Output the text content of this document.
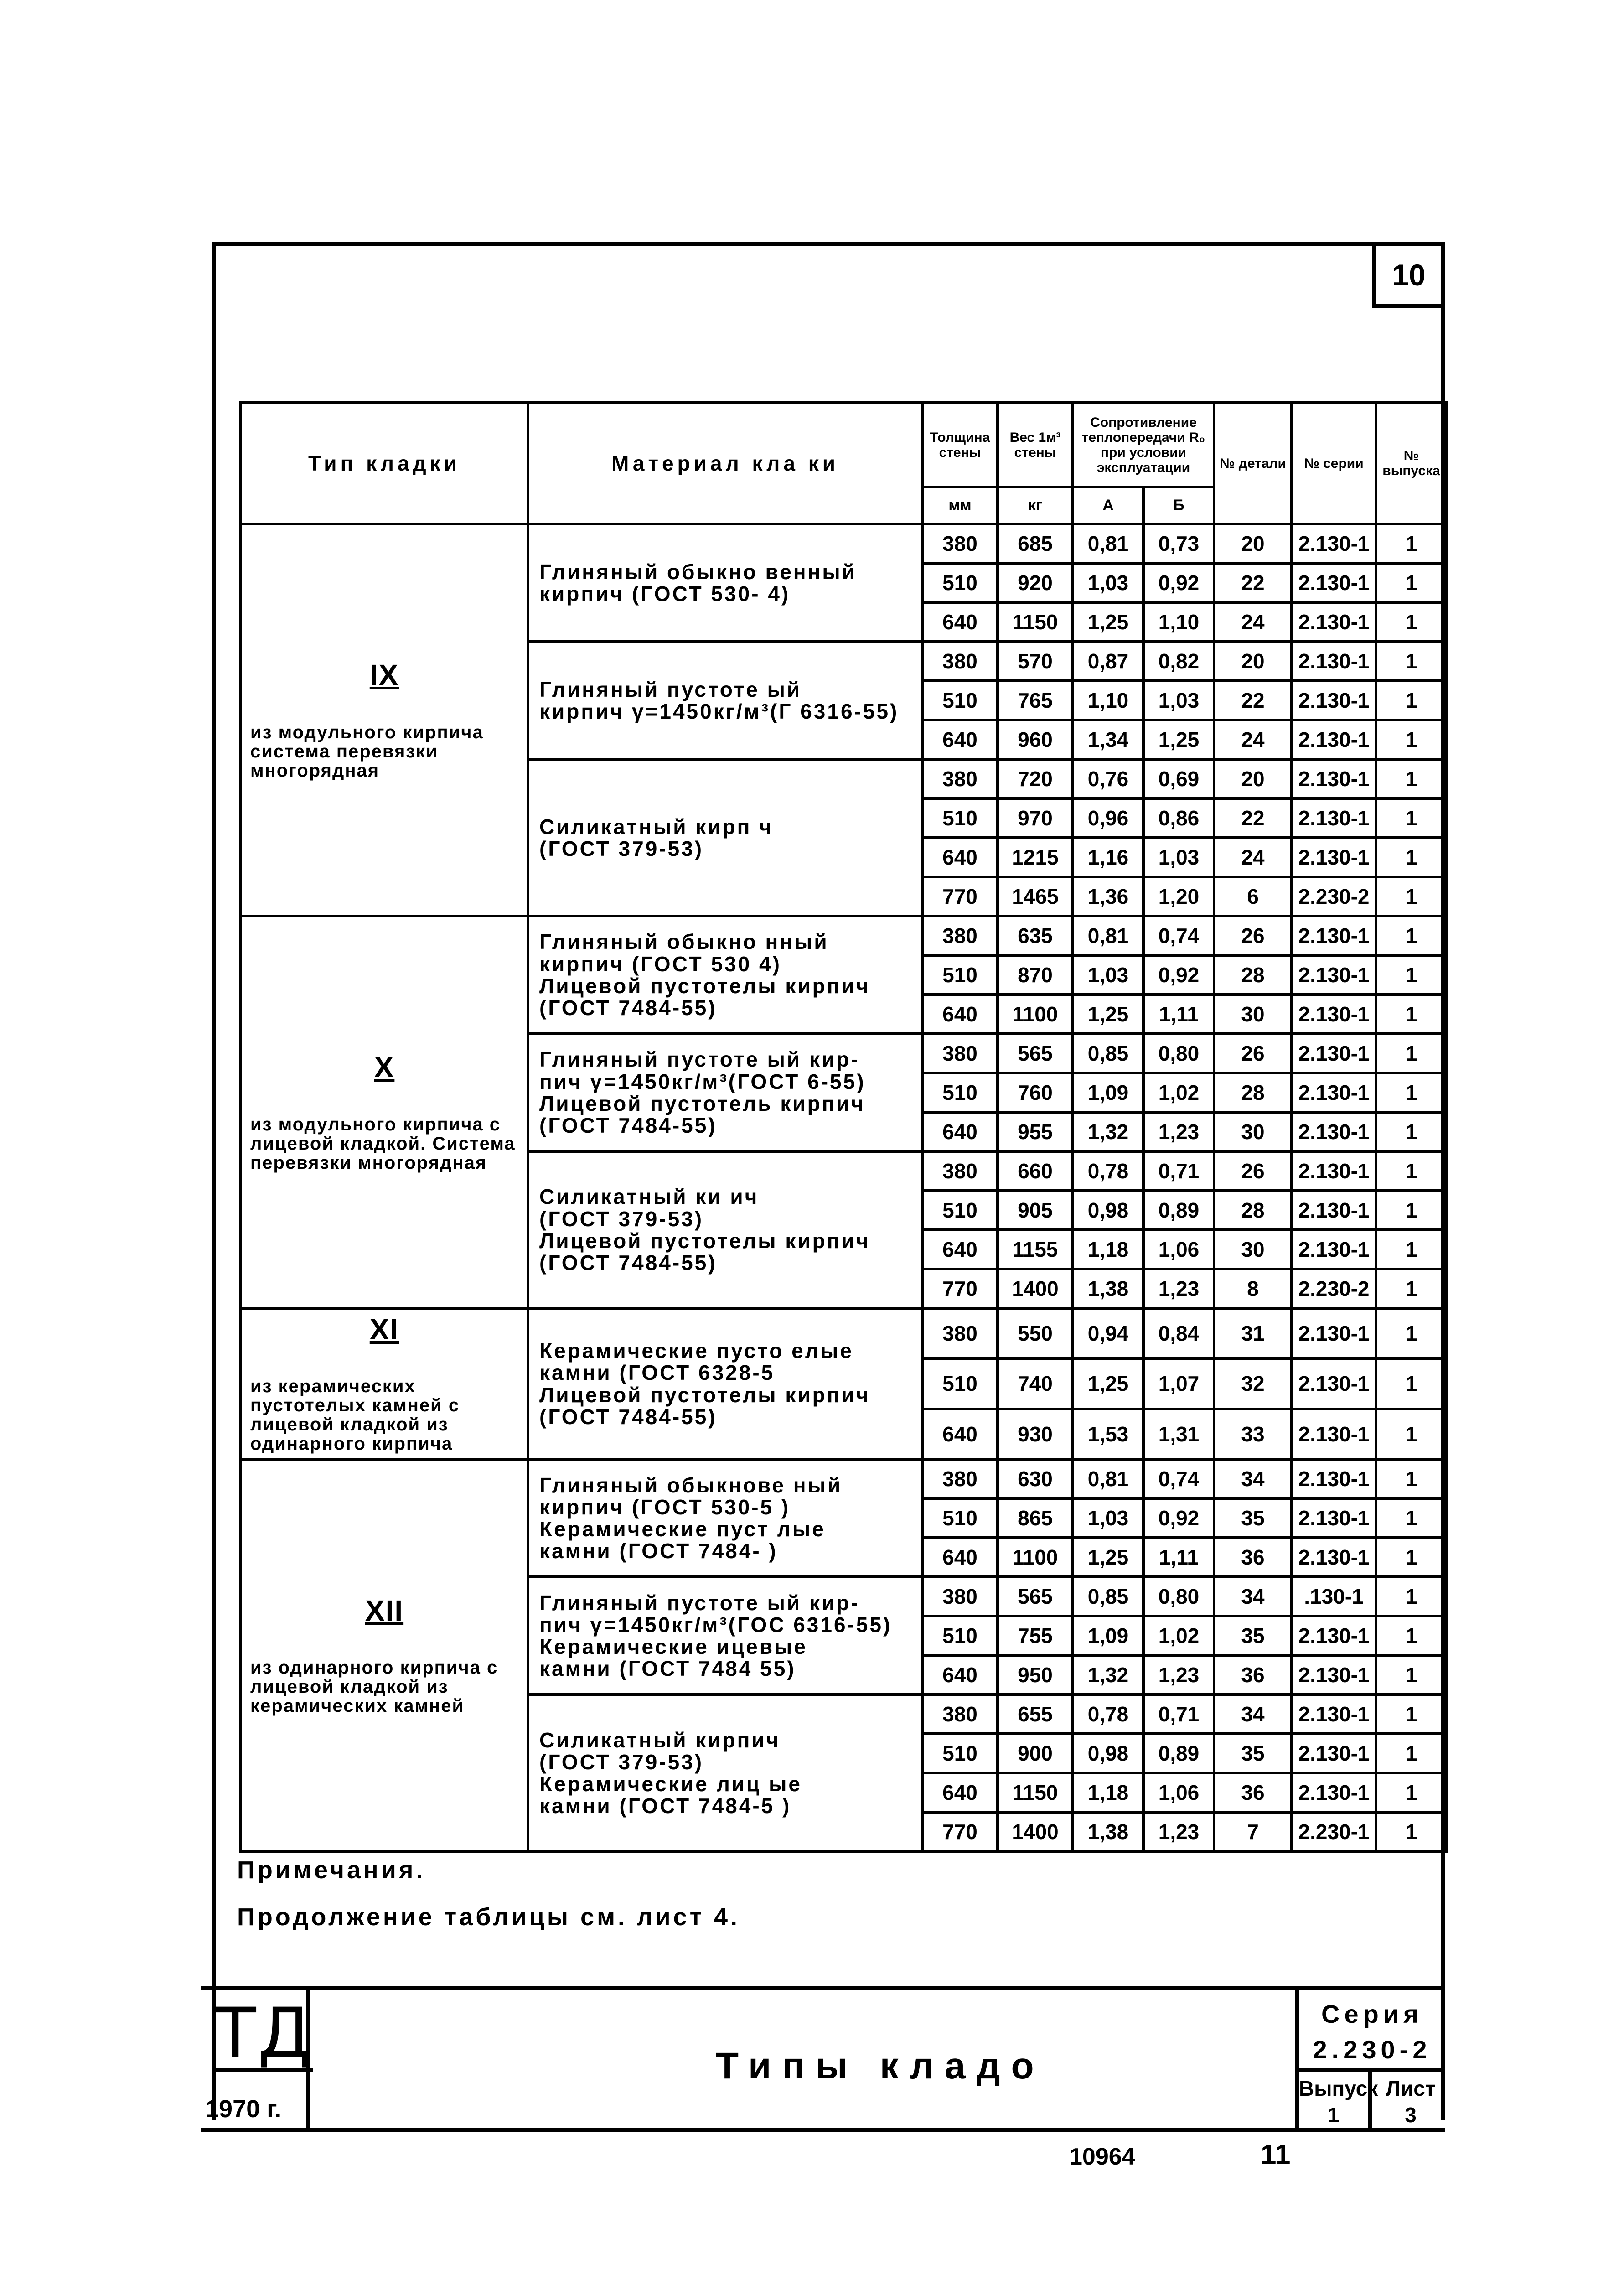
10
Тип кладки	Материал кла ки	Толщина стены	Вес 1м³ стены	Сопротивление теплопередачи R₀ при условии эксплуатации		№ детали	№ серии	№ выпуска
		мм	кг	А	Б			

IX
из модульного кирпича система перевязки многорядная	Глиняный обыкно венный
кирпич (ГОСТ 530- 4)	380	685	0,81	0,73	20	2.130-1	1
		510	920	1,03	0,92	22	2.130-1	1
		640	1150	1,25	1,10	24	2.130-1	1

	Глиняный пустоте ый
кирпич γ=1450кг/м³(Г 6316-55)	380	570	0,87	0,82	20	2.130-1	1
		510	765	1,10	1,03	22	2.130-1	1
		640	960	1,34	1,25	24	2.130-1	1

	Силикатный кирп ч
(ГОСТ 379-53)	380	720	0,76	0,69	20	2.130-1	1
		510	970	0,96	0,86	22	2.130-1	1
		640	1215	1,16	1,03	24	2.130-1	1
		770	1465	1,36	1,20	6	2.230-2	1

X
из модульного кирпича с лицевой кладкой. Система перевязки многорядная	Глиняный обыкно нный
кирпич (ГОСТ 530 4)
Лицевой пустотелы кирпич
(ГОСТ 7484-55)	380	635	0,81	0,74	26	2.130-1	1
		510	870	1,03	0,92	28	2.130-1	1
		640	1100	1,25	1,11	30	2.130-1	1

	Глиняный пустоте ый кир-
пич γ=1450кг/м³(ГОСТ 6-55)
Лицевой пустотель кирпич
(ГОСТ 7484-55)	380	565	0,85	0,80	26	2.130-1	1
		510	760	1,09	1,02	28	2.130-1	1
		640	955	1,32	1,23	30	2.130-1	1

	Силикатный ки ич
(ГОСТ 379-53)
Лицевой пустотелы кирпич
(ГОСТ 7484-55)	380	660	0,78	0,71	26	2.130-1	1
		510	905	0,98	0,89	28	2.130-1	1
		640	1155	1,18	1,06	30	2.130-1	1
		770	1400	1,38	1,23	8	2.230-2	1

XI
из керамических пустотелых камней с лицевой кладкой из одинарного кирпича	Керамические пусто елые
камни (ГОСТ 6328-5
Лицевой пустотелы кирпич
(ГОСТ 7484-55)	380	550	0,94	0,84	31	2.130-1	1
		510	740	1,25	1,07	32	2.130-1	1
		640	930	1,53	1,31	33	2.130-1	1

XII
из одинарного кирпича с лицевой кладкой из керамических камней	Глиняный обыкнове ный
кирпич (ГОСТ 530-5 )
Керамические пуст лые
камни (ГОСТ 7484- )	380	630	0,81	0,74	34	2.130-1	1
		510	865	1,03	0,92	35	2.130-1	1
		640	1100	1,25	1,11	36	2.130-1	1

	Глиняный пустоте ый кир-
пич γ=1450кг/м³(ГОС 6316-55)
Керамические ицевые
камни (ГОСТ 7484 55)	380	565	0,85	0,80	34	.130-1	1
		510	755	1,09	1,02	35	2.130-1	1
		640	950	1,32	1,23	36	2.130-1	1

	Силикатный кирпич
(ГОСТ 379-53)
Керамические лиц ые
камни (ГОСТ 7484-5 )	380	655	0,78	0,71	34	2.130-1	1
		510	900	0,98	0,89	35	2.130-1	1
		640	1150	1,18	1,06	36	2.130-1	1
		770	1400	1,38	1,23	7	2.230-1	1
Примечания.
Продолжение таблицы см. лист 4.
ТД
1970 г.
Типы кладо
Серия
2.230-2
Выпуск
1
Лист
3
10964	11
